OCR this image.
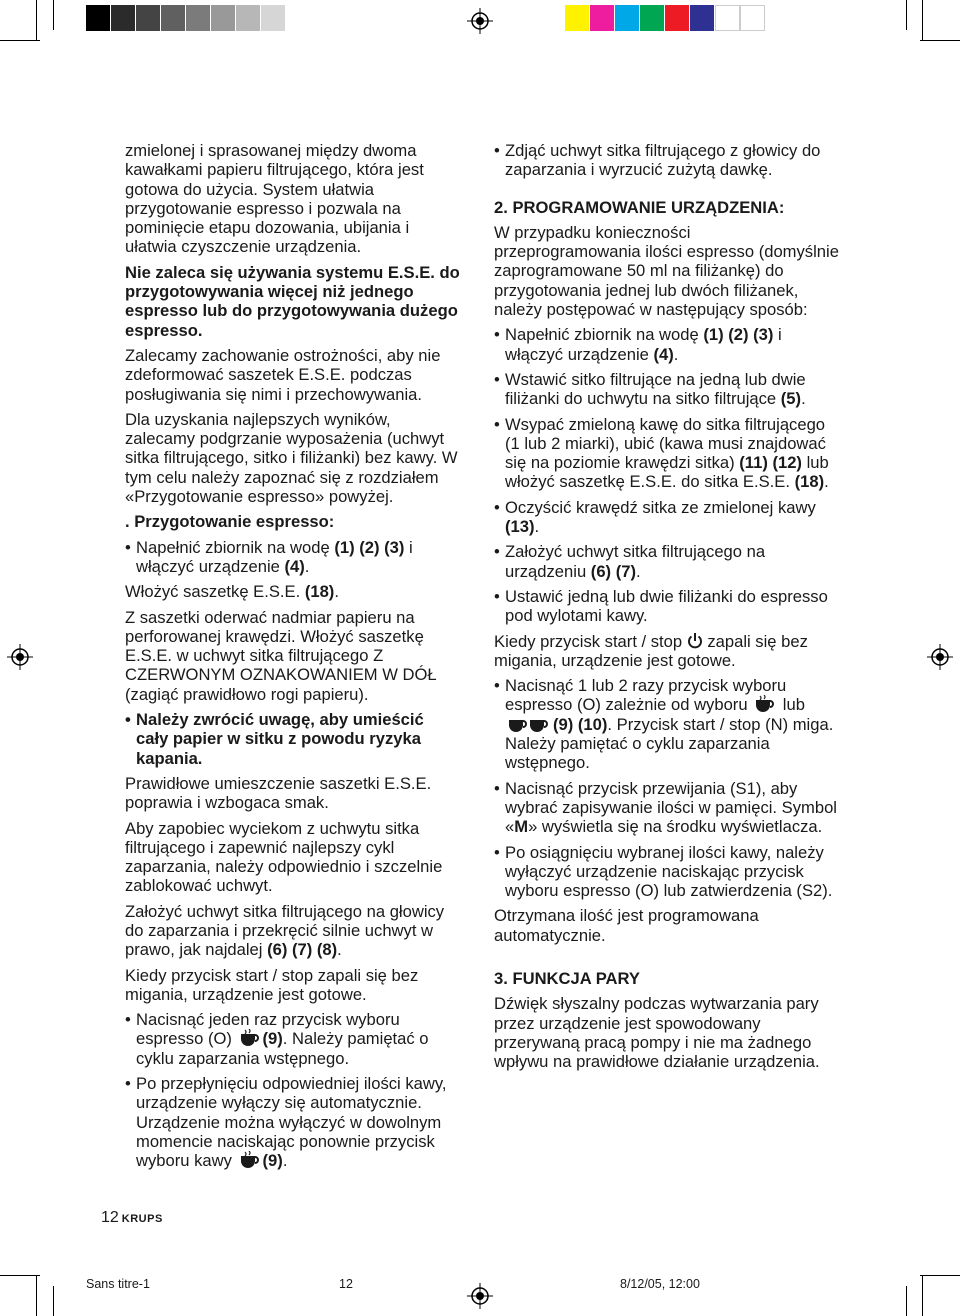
zmielonej i sprasowanej między dwoma kawałkami papieru filtrującego, która jest gotowa do użycia. System ułatwia przygotowanie espresso i pozwala na pominięcie etapu dozowania, ubijania i ułatwia czyszczenie urządzenia.

Nie zaleca się używania systemu E.S.E. do przygotowywania więcej niż jednego espresso lub do przygotowywania dużego espresso.

Zalecamy zachowanie ostrożności, aby nie zdeformować saszetek E.S.E. podczas posługiwania się nimi i przechowywania.

Dla uzyskania najlepszych wyników, zalecamy podgrzanie wyposażenia (uchwyt sitka filtrującego, sitko i filiżanki) bez kawy. W tym celu należy zapoznać się z rozdziałem «Przygotowanie espresso» powyżej.

. Przygotowanie espresso:

• Napełnić zbiornik na wodę (1) (2) (3) i włączyć urządzenie (4).

Włożyć saszetkę E.S.E. (18).

Z saszetki oderwać nadmiar papieru na perforowanej krawędzi. Włożyć saszetkę E.S.E. w uchwyt sitka filtrującego Z CZERWONYM OZNAKOWANIEM W DÓŁ (zagiąć prawidłowo rogi papieru).

• Należy zwrócić uwagę, aby umieścić cały papier w sitku z powodu ryzyka kapania.

Prawidłowe umieszczenie saszetki E.S.E. poprawia i wzbogaca smak.

Aby zapobiec wyciekom z uchwytu sitka filtrującego i zapewnić najlepszy cykl zaparzania, należy odpowiednio i szczelnie zablokować uchwyt.

Założyć uchwyt sitka filtrującego na głowicy do zaparzania i przekręcić silnie uchwyt w prawo, jak najdalej (6) (7) (8).

Kiedy przycisk start / stop zapali się bez migania, urządzenie jest gotowe.

• Nacisnąć jeden raz przycisk wyboru espresso (O) (9). Należy pamiętać o cyklu zaparzania wstępnego.

• Po przepłynięciu odpowiedniej ilości kawy, urządzenie wyłączy się automatycznie. Urządzenie można wyłączyć w dowolnym momencie naciskając ponownie przycisk wyboru kawy (9).

• Zdjąć uchwyt sitka filtrującego z głowicy do zaparzania i wyrzucić zużytą dawkę.

2. PROGRAMOWANIE URZĄDZENIA:

W przypadku konieczności przeprogramowania ilości espresso (domyślnie zaprogramowane 50 ml na filiżankę) do przygotowania jednej lub dwóch filiżanek, należy postępować w następujący sposób:

• Napełnić zbiornik na wodę (1) (2) (3) i włączyć urządzenie (4).

• Wstawić sitko filtrujące na jedną lub dwie filiżanki do uchwytu na sitko filtrujące (5).

• Wsypać zmieloną kawę do sitka filtrującego (1 lub 2 miarki), ubić (kawa musi znajdować się na poziomie krawędzi sitka) (11) (12) lub włożyć saszetkę E.S.E. do sitka E.S.E. (18).

• Oczyścić krawędź sitka ze zmielonej kawy (13).

• Założyć uchwyt sitka filtrującego na urządzeniu (6) (7).

• Ustawić jedną lub dwie filiżanki do espresso pod wylotami kawy.

Kiedy przycisk start / stop  zapali się bez migania, urządzenie jest gotowe.

• Nacisnąć 1 lub 2 razy przycisk wyboru espresso (O) zależnie od wyboru  lub (9) (10). Przycisk start / stop (N) miga. Należy pamiętać o cyklu zaparzania wstępnego.

• Nacisnąć przycisk przewijania (S1), aby wybrać zapisywanie ilości w pamięci. Symbol «M» wyświetla się na środku wyświetlacza.

• Po osiągnięciu wybranej ilości kawy, należy wyłączyć urządzenie naciskając przycisk wyboru espresso (O) lub zatwierdzenia (S2).

Otrzymana ilość jest programowana automatycznie.

3. FUNKCJA PARY

Dźwięk słyszalny podczas wytwarzania pary przez urządzenie jest spowodowany przerywaną pracą pompy i nie ma żadnego wpływu na prawidłowe działanie urządzenia.

12 KRUPS
Sans titre-1	12	8/12/05, 12:00
